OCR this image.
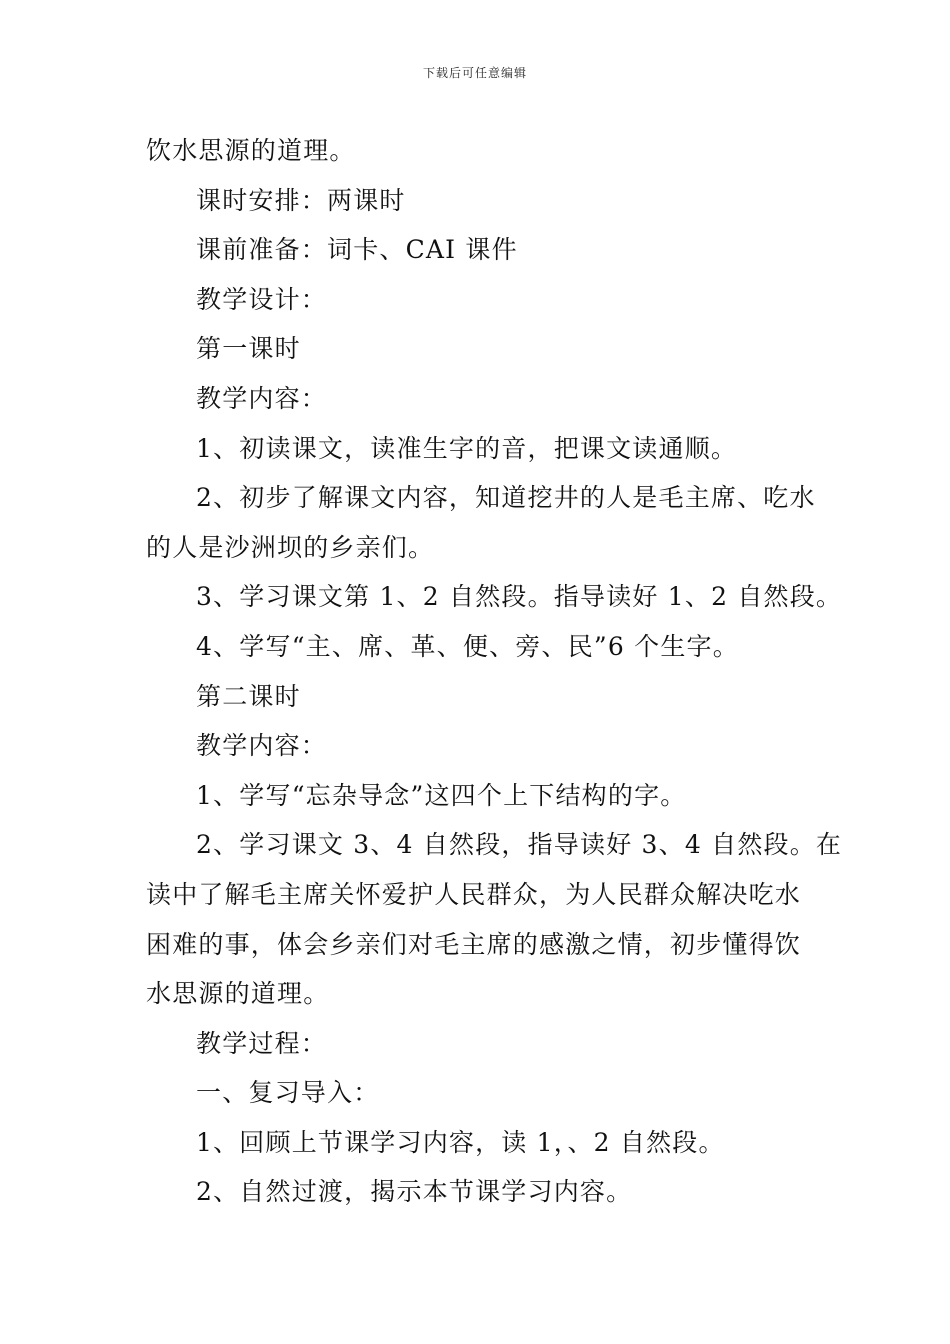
下载后可任意编辑
饮水思源的道理。
课时安排：两课时
课前准备：词卡、CAI 课件
教学设计：
第一课时
教学内容：
1、初读课文，读准生字的音，把课文读通顺。
2、初步了解课文内容，知道挖井的人是毛主席、吃水
的人是沙洲坝的乡亲们。
3、学习课文第 1、2 自然段。指导读好 1、2 自然段。
4、学写“主、席、革、便、旁、民”6 个生字。
第二课时
教学内容：
1、学写“忘杂导念”这四个上下结构的字。
2、学习课文 3、4 自然段，指导读好 3、4 自然段。在
读中了解毛主席关怀爱护人民群众，为人民群众解决吃水
困难的事，体会乡亲们对毛主席的感激之情，初步懂得饮
水思源的道理。
教学过程：
一、复习导入：
1、回顾上节课学习内容，读 1，、2 自然段。
2、自然过渡，揭示本节课学习内容。
